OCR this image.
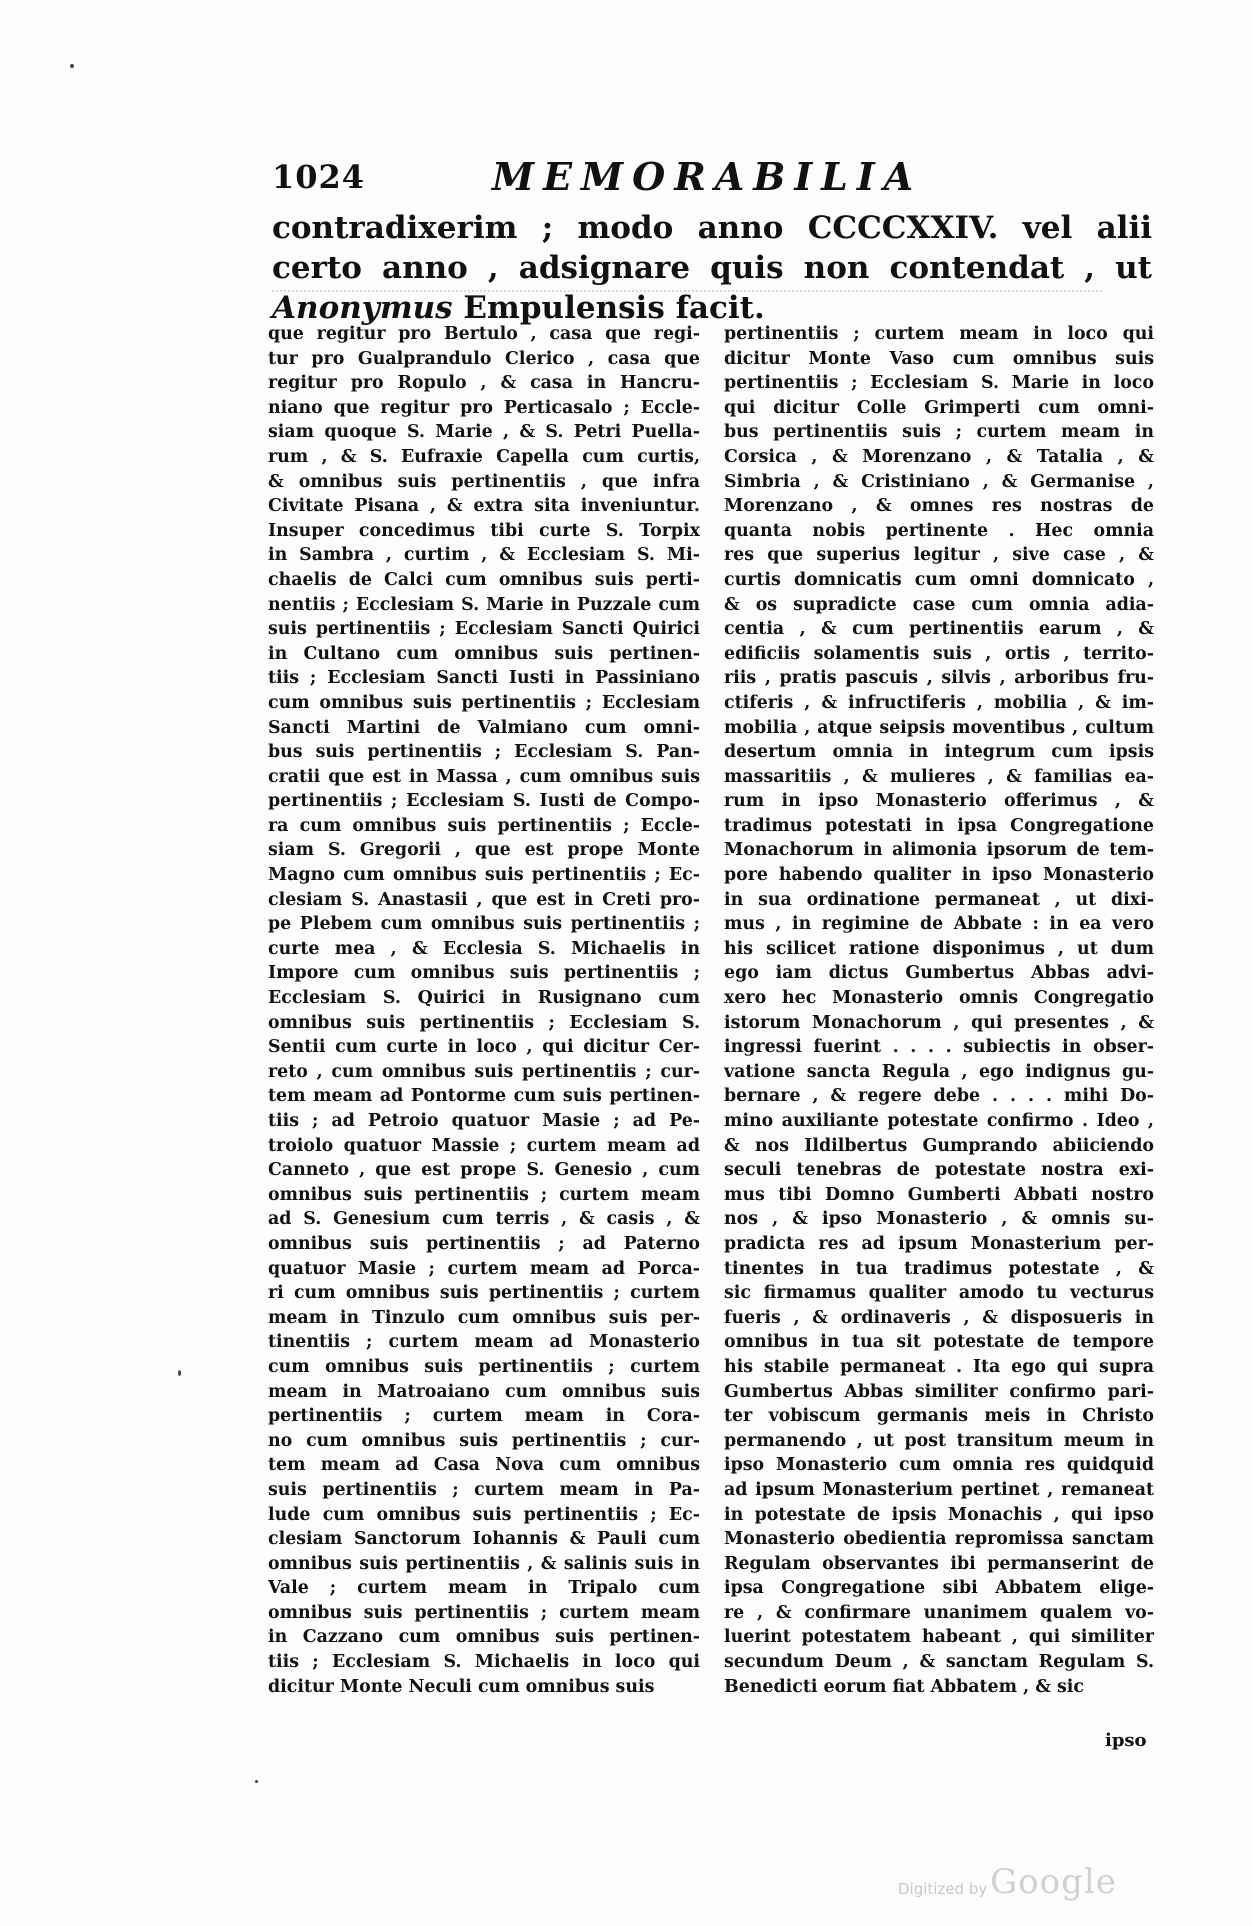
1024	MEMORABILIA
contradixerim ; modo anno CCCCXXIV. vel alii certo anno , adsignare quis non contendat , ut Anonymus Empulensis facit.
que regitur pro Bertulo , casa que regi-
tur pro Gualprandulo Clerico , casa que
regitur pro Ropulo , & casa in Hancru-
niano que regitur pro Perticasalo ; Eccle-
siam quoque S. Marie , & S. Petri Puella-
rum , & S. Eufraxie Capella cum curtis,
& omnibus suis pertinentiis , que infra
Civitate Pisana , & extra sita inveniuntur.
Insuper concedimus tibi curte S. Torpix
in Sambra , curtim , & Ecclesiam S. Mi-
chaelis de Calci cum omnibus suis perti-
nentiis ; Ecclesiam S. Marie in Puzzale cum
suis pertinentiis ; Ecclesiam Sancti Quirici
in Cultano cum omnibus suis pertinen-
tiis ; Ecclesiam Sancti Iusti in Passiniano
cum omnibus suis pertinentiis ; Ecclesiam
Sancti Martini de Valmiano cum omni-
bus suis pertinentiis ; Ecclesiam S. Pan-
cratii que est in Massa , cum omnibus suis
pertinentiis ; Ecclesiam S. Iusti de Compo-
ra cum omnibus suis pertinentiis ; Eccle-
siam S. Gregorii , que est prope Monte
Magno cum omnibus suis pertinentiis ; Ec-
clesiam S. Anastasii , que est in Creti pro-
pe Plebem cum omnibus suis pertinentiis ;
curte mea , & Ecclesia S. Michaelis in
Impore cum omnibus suis pertinentiis ;
Ecclesiam S. Quirici in Rusignano cum
omnibus suis pertinentiis ; Ecclesiam S.
Sentii cum curte in loco , qui dicitur Cer-
reto , cum omnibus suis pertinentiis ; cur-
tem meam ad Pontorme cum suis pertinen-
tiis ; ad Petroio quatuor Masie ; ad Pe-
troiolo quatuor Massie ; curtem meam ad
Canneto , que est prope S. Genesio , cum
omnibus suis pertinentiis ; curtem meam
ad S. Genesium cum terris , & casis , &
omnibus suis pertinentiis ; ad Paterno
quatuor Masie ; curtem meam ad Porca-
ri cum omnibus suis pertinentiis ; curtem
meam in Tinzulo cum omnibus suis per-
tinentiis ; curtem meam ad Monasterio
cum omnibus suis pertinentiis ; curtem
meam in Matroaiano cum omnibus suis
pertinentiis ; curtem meam in Cora-
no cum omnibus suis pertinentiis ; cur-
tem meam ad Casa Nova cum omnibus
suis pertinentiis ; curtem meam in Pa-
lude cum omnibus suis pertinentiis ; Ec-
clesiam Sanctorum Iohannis & Pauli cum
omnibus suis pertinentiis , & salinis suis in
Vale ; curtem meam in Tripalo cum
omnibus suis pertinentiis ; curtem meam
in Cazzano cum omnibus suis pertinen-
tiis ; Ecclesiam S. Michaelis in loco qui
dicitur Monte Neculi cum omnibus suis
pertinentiis ; curtem meam in loco qui
dicitur Monte Vaso cum omnibus suis
pertinentiis ; Ecclesiam S. Marie in loco
qui dicitur Colle Grimperti cum omni-
bus pertinentiis suis ; curtem meam in
Corsica , & Morenzano , & Tatalia , &
Simbria , & Cristiniano , & Germanise ,
Morenzano , & omnes res nostras de
quanta nobis pertinente . Hec omnia
res que superius legitur , sive case , &
curtis domnicatis cum omni domnicato ,
& os supradicte case cum omnia adia-
centia , & cum pertinentiis earum , &
edificiis solamentis suis , ortis , territo-
riis , pratis pascuis , silvis , arboribus fru-
ctiferis , & infructiferis , mobilia , & im-
mobilia , atque seipsis moventibus , cultum
desertum omnia in integrum cum ipsis
massaritiis , & mulieres , & familias ea-
rum in ipso Monasterio offerimus , &
tradimus potestati in ipsa Congregatione
Monachorum in alimonia ipsorum de tem-
pore habendo qualiter in ipso Monasterio
in sua ordinatione permaneat , ut dixi-
mus , in regimine de Abbate : in ea vero
his scilicet ratione disponimus , ut dum
ego iam dictus Gumbertus Abbas advi-
xero hec Monasterio omnis Congregatio
istorum Monachorum , qui presentes , &
ingressi fuerint . . . . subiectis in obser-
vatione sancta Regula , ego indignus gu-
bernare , & regere debe . . . . mihi Do-
mino auxiliante potestate confirmo . Ideo ,
& nos Ildilbertus Gumprando abiiciendo
seculi tenebras de potestate nostra exi-
mus tibi Domno Gumberti Abbati nostro
nos , & ipso Monasterio , & omnis su-
pradicta res ad ipsum Monasterium per-
tinentes in tua tradimus potestate , &
sic firmamus qualiter amodo tu vecturus
fueris , & ordinaveris , & disposueris in
omnibus in tua sit potestate de tempore
his stabile permaneat . Ita ego qui supra
Gumbertus Abbas similiter confirmo pari-
ter vobiscum germanis meis in Christo
permanendo , ut post transitum meum in
ipso Monasterio cum omnia res quidquid
ad ipsum Monasterium pertinet , remaneat
in potestate de ipsis Monachis , qui ipso
Monasterio obedientia repromissa sanctam
Regulam observantes ibi permanserint de
ipsa Congregatione sibi Abbatem elige-
re , & confirmare unanimem qualem vo-
luerint potestatem habeant , qui similiter
secundum Deum , & sanctam Regulam S.
Benedicti eorum fiat Abbatem , & sic
ipso
Digitized by Google
